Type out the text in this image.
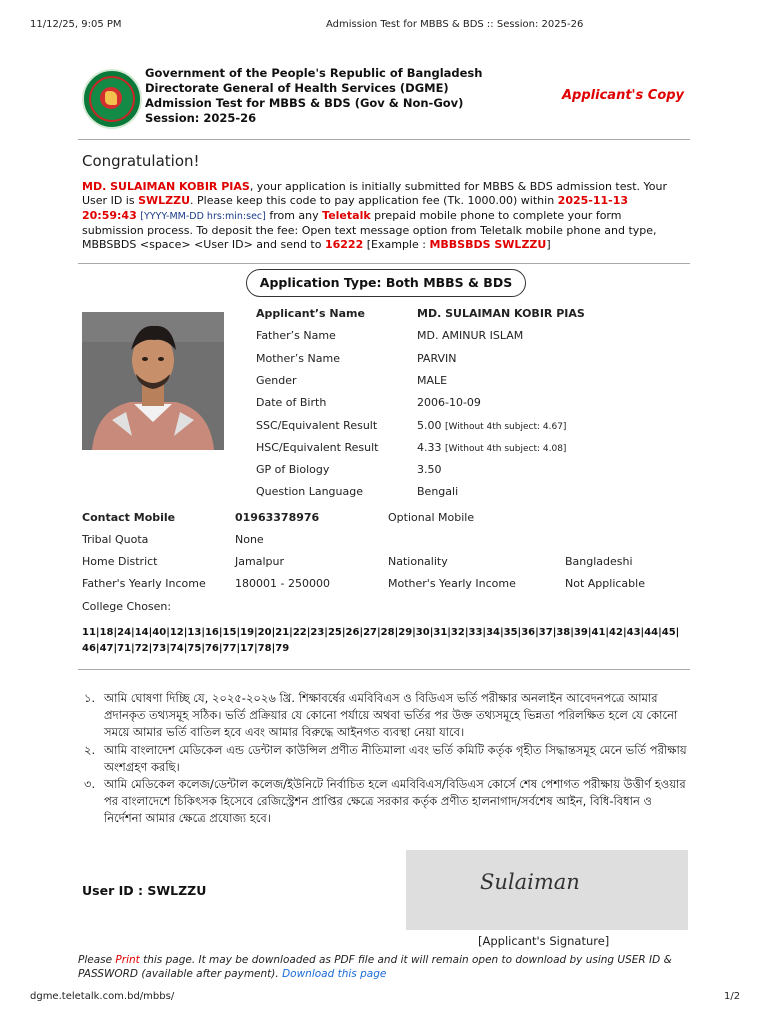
11/12/25, 9:05 PM	Admission Test for MBBS & BDS :: Session: 2025-26
Government of the People's Republic of Bangladesh
Directorate General of Health Services (DGME)
Admission Test for MBBS & BDS (Gov & Non-Gov)
Session: 2025-26
Applicant's Copy
Congratulation!
MD. SULAIMAN KOBIR PIAS, your application is initially submitted for MBBS & BDS admission test. Your User ID is SWLZZU. Please keep this code to pay application fee (Tk. 1000.00) within 2025-11-13 20:59:43 [YYYY-MM-DD hrs:min:sec] from any Teletalk prepaid mobile phone to complete your form submission process. To deposit the fee: Open text message option from Teletalk mobile phone and type, MBBSBDS <space> <User ID> and send to 16222 [Example : MBBSBDS SWLZZU]
Application Type: Both MBBS & BDS
Applicant’s Name	MD. SULAIMAN KOBIR PIAS
Father’s Name	MD. AMINUR ISLAM
Mother’s Name	PARVIN
Gender	MALE
Date of Birth	2006-10-09
SSC/Equivalent Result	5.00 [Without 4th subject: 4.67]
HSC/Equivalent Result	4.33 [Without 4th subject: 4.08]
GP of Biology	3.50
Question Language	Bengali
Contact Mobile	01963378976	Optional Mobile
Tribal Quota	None
Home District	Jamalpur	Nationality	Bangladeshi
Father's Yearly Income	180001 - 250000	Mother's Yearly Income	Not Applicable
College Chosen:
11|18|24|14|40|12|13|16|15|19|20|21|22|23|25|26|27|28|29|30|31|32|33|34|35|36|37|38|39|41|42|43|44|45|46|47|71|72|73|74|75|76|77|17|78|79
১. আমি ঘোষণা দিচ্ছি যে, ২০২৫-২০২৬ খ্রি. শিক্ষাবর্ষের এমবিবিএস ও বিডিএস ভর্তি পরীক্ষার অনলাইন আবেদনপত্রে আমার প্রদানকৃত তথ্যসমূহ সঠিক। ভর্তি প্রক্রিয়ার যে কোনো পর্যায়ে অথবা ভর্তির পর উক্ত তথ্যসমূহে ভিন্নতা পরিলক্ষিত হলে যে কোনো সময়ে আমার ভর্তি বাতিল হবে এবং আমার বিরুদ্ধে আইনগত ব্যবস্থা নেয়া যাবে।
২. আমি বাংলাদেশ মেডিকেল এন্ড ডেন্টাল কাউন্সিল প্রণীত নীতিমালা এবং ভর্তি কমিটি কর্তৃক গৃহীত সিদ্ধান্তসমূহ মেনে ভর্তি পরীক্ষায় অংশগ্রহণ করছি।
৩. আমি মেডিকেল কলেজ/ডেন্টাল কলেজ/ইউনিটে নির্বাচিত হলে এমবিবিএস/বিডিএস কোর্সে শেষ পেশাগত পরীক্ষায় উত্তীর্ণ হওয়ার পর বাংলাদেশে চিকিৎসক হিসেবে রেজিস্ট্রেশন প্রাপ্তির ক্ষেত্রে সরকার কর্তৃক প্রণীত হালনাগাদ/সর্বশেষ আইন, বিধি-বিধান ও নির্দেশনা আমার ক্ষেত্রে প্রযোজ্য হবে।
User ID : SWLZZU	Sulaiman
[Applicant's Signature]
Please Print this page. It may be downloaded as PDF file and it will remain open to download by using USER ID & PASSWORD (available after payment). Download this page
dgme.teletalk.com.bd/mbbs/	1/2
